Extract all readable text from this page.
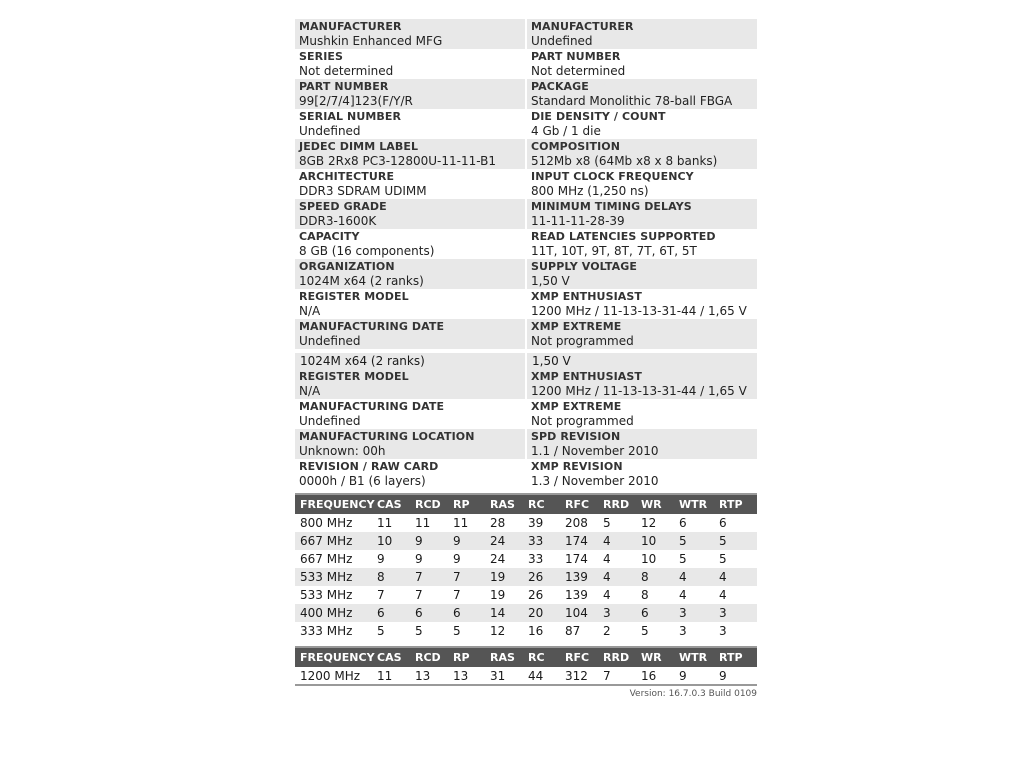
MANUFACTURER
Mushkin Enhanced MFG
MANUFACTURER
Undefined
SERIES
Not determined
PART NUMBER
Not determined
PART NUMBER
99[2/7/4]123(F/Y/R
PACKAGE
Standard Monolithic 78-ball FBGA
SERIAL NUMBER
Undefined
DIE DENSITY / COUNT
4 Gb / 1 die
JEDEC DIMM LABEL
8GB 2Rx8 PC3-12800U-11-11-B1
COMPOSITION
512Mb x8 (64Mb x8 x 8 banks)
ARCHITECTURE
DDR3 SDRAM UDIMM
INPUT CLOCK FREQUENCY
800 MHz (1,250 ns)
SPEED GRADE
DDR3-1600K
MINIMUM TIMING DELAYS
11-11-11-28-39
CAPACITY
8 GB (16 components)
READ LATENCIES SUPPORTED
11T, 10T, 9T, 8T, 7T, 6T, 5T
ORGANIZATION
1024M x64 (2 ranks)
SUPPLY VOLTAGE
1,50 V
REGISTER MODEL
N/A
XMP ENTHUSIAST
1200 MHz / 11-13-13-31-44 / 1,65 V
MANUFACTURING DATE
Undefined
XMP EXTREME
Not programmed
1024M x64 (2 ranks)	1,50 V
REGISTER MODEL
N/A
XMP ENTHUSIAST
1200 MHz / 11-13-13-31-44 / 1,65 V
MANUFACTURING DATE
Undefined
XMP EXTREME
Not programmed
MANUFACTURING LOCATION
Unknown: 00h
SPD REVISION
1.1 / November 2010
REVISION / RAW CARD
0000h / B1 (6 layers)
XMP REVISION
1.3 / November 2010
FREQUENCY	CAS	RCD	RP	RAS	RC	RFC	RRD	WR	WTR	RTP
800 MHz	11	11	11	28	39	208	5	12	6	6
667 MHz	10	9	9	24	33	174	4	10	5	5
667 MHz	9	9	9	24	33	174	4	10	5	5
533 MHz	8	7	7	19	26	139	4	8	4	4
533 MHz	7	7	7	19	26	139	4	8	4	4
400 MHz	6	6	6	14	20	104	3	6	3	3
333 MHz	5	5	5	12	16	87	2	5	3	3
FREQUENCY	CAS	RCD	RP	RAS	RC	RFC	RRD	WR	WTR	RTP
1200 MHz	11	13	13	31	44	312	7	16	9	9
Version: 16.7.0.3 Build 0109
